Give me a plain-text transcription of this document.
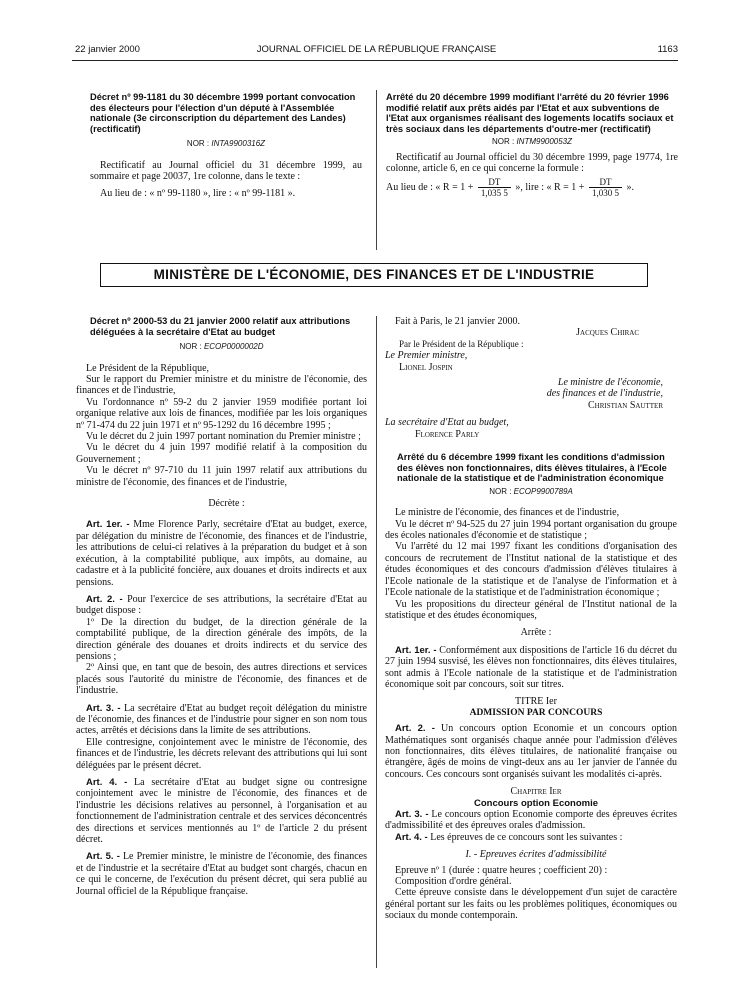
22 janvier 2000	JOURNAL OFFICIEL DE LA RÉPUBLIQUE FRANÇAISE	1163
Décret nº 99-1181 du 30 décembre 1999 portant convocation des électeurs pour l'élection d'un député à l'Assemblée nationale (3e circonscription du département des Landes) (rectificatif)
NOR : INTA9900316Z

Rectificatif au Journal officiel du 31 décembre 1999, au sommaire et page 20037, 1re colonne, dans le texte :

Au lieu de : « nº 99-1180 », lire : « nº 99-1181 ».

Arrêté du 20 décembre 1999 modifiant l'arrêté du 20 février 1996 modifié relatif aux prêts aidés par l'Etat et aux subventions de l'Etat aux organismes réalisant des logements locatifs sociaux et très sociaux dans les départements d'outre-mer (rectificatif)
NOR : INTM9900053Z

Rectificatif au Journal officiel du 30 décembre 1999, page 19774, 1re colonne, article 6, en ce qui concerne la formule :

Au lieu de : « $R = 1 + \frac{DT}{1,035 5}$ », lire : « $R = 1 + \frac{DT}{1,030 5}$ ».
MINISTÈRE DE L'ÉCONOMIE, DES FINANCES ET DE L'INDUSTRIE
Décret nº 2000-53 du 21 janvier 2000 relatif aux attributions déléguées à la secrétaire d'Etat au budget
NOR : ECOP0000002D

Le Président de la République,

Sur le rapport du Premier ministre et du ministre de l'économie, des finances et de l'industrie,

Vu l'ordonnance nº 59-2 du 2 janvier 1959 modifiée portant loi organique relative aux lois de finances, modifiée par les lois organiques nº 71-474 du 22 juin 1971 et nº 95-1292 du 16 décembre 1995 ;

Vu le décret du 2 juin 1997 portant nomination du Premier ministre ;

Vu le décret du 4 juin 1997 modifié relatif à la composition du Gouvernement ;

Vu le décret nº 97-710 du 11 juin 1997 relatif aux attributions du ministre de l'économie, des finances et de l'industrie,

Décrète :

Art. 1er. - Mme Florence Parly, secrétaire d'Etat au budget, exerce, par délégation du ministre de l'économie, des finances et de l'industrie, les attributions de celui-ci relatives à la préparation du budget et à son exécution, à la comptabilité publique, aux impôts, au domaine, au cadastre et à la publicité foncière, aux douanes et droits indirects et aux pensions.

Art. 2. - Pour l'exercice de ses attributions, la secrétaire d'Etat au budget dispose :

1º De la direction du budget, de la direction générale de la comptabilité publique, de la direction générale des impôts, de la direction générale des douanes et droits indirects et du service des pensions ;

2º Ainsi que, en tant que de besoin, des autres directions et services placés sous l'autorité du ministre de l'économie, des finances et de l'industrie.

Art. 3. - La secrétaire d'Etat au budget reçoit délégation du ministre de l'économie, des finances et de l'industrie pour signer en son nom tous actes, arrêtés et décisions dans la limite de ses attributions.

Elle contresigne, conjointement avec le ministre de l'économie, des finances et de l'industrie, les décrets relevant des attributions qui lui sont déléguées par le présent décret.

Art. 4. - La secrétaire d'Etat au budget signe ou contresigne conjointement avec le ministre de l'économie, des finances et de l'industrie les décisions relatives au personnel, à l'organisation et au fonctionnement de l'administration centrale et des services déconcentrés des directions et services mentionnés au 1º de l'article 2 du présent décret.

Art. 5. - Le Premier ministre, le ministre de l'économie, des finances et de l'industrie et la secrétaire d'Etat au budget sont chargés, chacun en ce qui le concerne, de l'exécution du présent décret, qui sera publié au Journal officiel de la République française.

Fait à Paris, le 21 janvier 2000.

Jacques Chirac
Par le Président de la République :
Le Premier ministre,
Lionel Jospin
Le ministre de l'économie,
des finances et de l'industrie,
Christian Sautter
La secrétaire d'Etat au budget,
Florence Parly
Arrêté du 6 décembre 1999 fixant les conditions d'admission des élèves non fonctionnaires, dits élèves titulaires, à l'Ecole nationale de la statistique et de l'administration économique
NOR : ECOP9900789A

Le ministre de l'économie, des finances et de l'industrie,

Vu le décret nº 94-525 du 27 juin 1994 portant organisation du groupe des écoles nationales d'économie et de statistique ;

Vu l'arrêté du 12 mai 1997 fixant les conditions d'organisation des concours de recrutement de l'Institut national de la statistique et des études économiques et des concours d'admission d'élèves titulaires à l'Ecole nationale de la statistique et de l'analyse de l'information et à l'Ecole nationale de la statistique et de l'administration économique ;

Vu les propositions du directeur général de l'Institut national de la statistique et des études économiques,

Arrête :

Art. 1er. - Conformément aux dispositions de l'article 16 du décret du 27 juin 1994 susvisé, les élèves non fonctionnaires, dits élèves titulaires, sont admis à l'Ecole nationale de la statistique et de l'administration économique soit par concours, soit sur titres.

TITRE Ier

ADMISSION PAR CONCOURS

Art. 2. - Un concours option Economie et un concours option Mathématiques sont organisés chaque année pour l'admission d'élèves non fonctionnaires, dits élèves titulaires, de nationalité française ou étrangère, âgés de moins de vingt-deux ans au 1er janvier de l'année du concours. Ces concours sont organisés suivant les modalités ci-après.

Chapitre Ier

Concours option Economie

Art. 3. - Le concours option Economie comporte des épreuves écrites d'admissibilité et des épreuves orales d'admission.

Art. 4. - Les épreuves de ce concours sont les suivantes :

I. - Epreuves écrites d'admissibilité

Epreuve nº 1 (durée : quatre heures ; coefficient 20) :

Composition d'ordre général.

Cette épreuve consiste dans le développement d'un sujet de caractère général portant sur les faits ou les problèmes politiques, économiques ou sociaux du monde contemporain.
